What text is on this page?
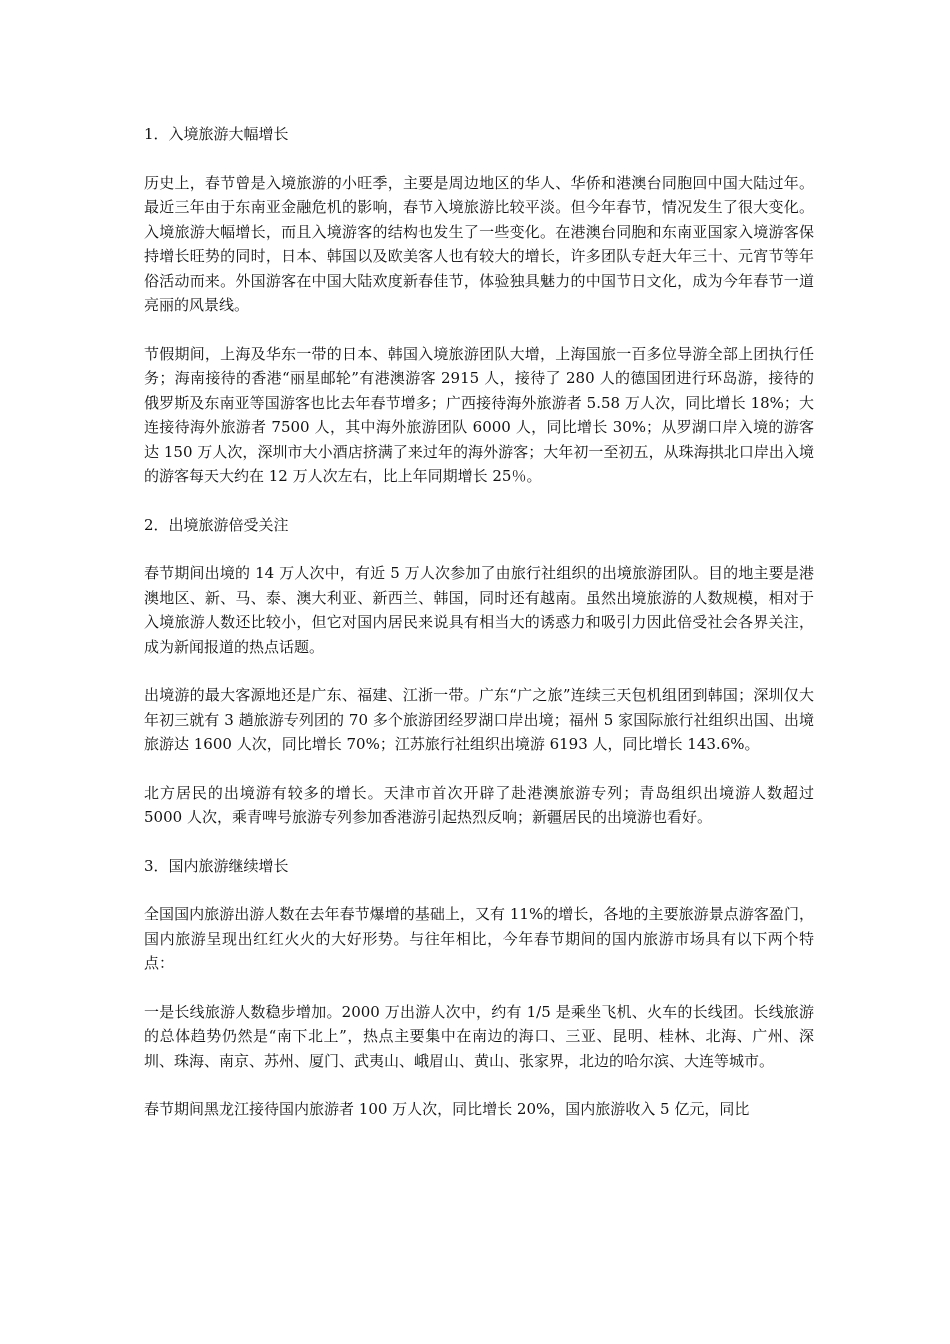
1．入境旅游大幅增长

历史上，春节曾是入境旅游的小旺季，主要是周边地区的华人、华侨和港澳台同胞回中国大陆过年。最近三年由于东南亚金融危机的影响，春节入境旅游比较平淡。但今年春节，情况发生了很大变化。入境旅游大幅增长，而且入境游客的结构也发生了一些变化。在港澳台同胞和东南亚国家入境游客保持增长旺势的同时，日本、韩国以及欧美客人也有较大的增长，许多团队专赶大年三十、元宵节等年俗活动而来。外国游客在中国大陆欢度新春佳节，体验独具魅力的中国节日文化，成为今年春节一道亮丽的风景线。

节假期间，上海及华东一带的日本、韩国入境旅游团队大增，上海国旅一百多位导游全部上团执行任务；海南接待的香港“丽星邮轮”有港澳游客 2915 人，接待了 280 人的德国团进行环岛游，接待的俄罗斯及东南亚等国游客也比去年春节增多；广西接待海外旅游者 5.58 万人次，同比增长 18%；大连接待海外旅游者 7500 人，其中海外旅游团队 6000 人，同比增长 30%；从罗湖口岸入境的游客达 150 万人次，深圳市大小酒店挤满了来过年的海外游客；大年初一至初五，从珠海拱北口岸出入境的游客每天大约在 12 万人次左右，比上年同期增长 25％。

2．出境旅游倍受关注

春节期间出境的 14 万人次中，有近 5 万人次参加了由旅行社组织的出境旅游团队。目的地主要是港澳地区、新、马、泰、澳大利亚、新西兰、韩国，同时还有越南。虽然出境旅游的人数规模，相对于入境旅游人数还比较小，但它对国内居民来说具有相当大的诱惑力和吸引力因此倍受社会各界关注，成为新闻报道的热点话题。

出境游的最大客源地还是广东、福建、江浙一带。广东“广之旅”连续三天包机组团到韩国；深圳仅大年初三就有 3 趟旅游专列团的 70 多个旅游团经罗湖口岸出境；福州 5 家国际旅行社组织出国、出境旅游达 1600 人次，同比增长 70%；江苏旅行社组织出境游 6193 人，同比增长 143.6%。

北方居民的出境游有较多的增长。天津市首次开辟了赴港澳旅游专列；青岛组织出境游人数超过 5000 人次，乘青啤号旅游专列参加香港游引起热烈反响；新疆居民的出境游也看好。

3．国内旅游继续增长

全国国内旅游出游人数在去年春节爆增的基础上，又有 11%的增长，各地的主要旅游景点游客盈门，国内旅游呈现出红红火火的大好形势。与往年相比，今年春节期间的国内旅游市场具有以下两个特点：

一是长线旅游人数稳步增加。2000 万出游人次中，约有 1/5 是乘坐飞机、火车的长线团。长线旅游的总体趋势仍然是“南下北上”，热点主要集中在南边的海口、三亚、昆明、桂林、北海、广州、深圳、珠海、南京、苏州、厦门、武夷山、峨眉山、黄山、张家界，北边的哈尔滨、大连等城市。

春节期间黑龙江接待国内旅游者 100 万人次，同比增长 20%，国内旅游收入 5 亿元，同比
